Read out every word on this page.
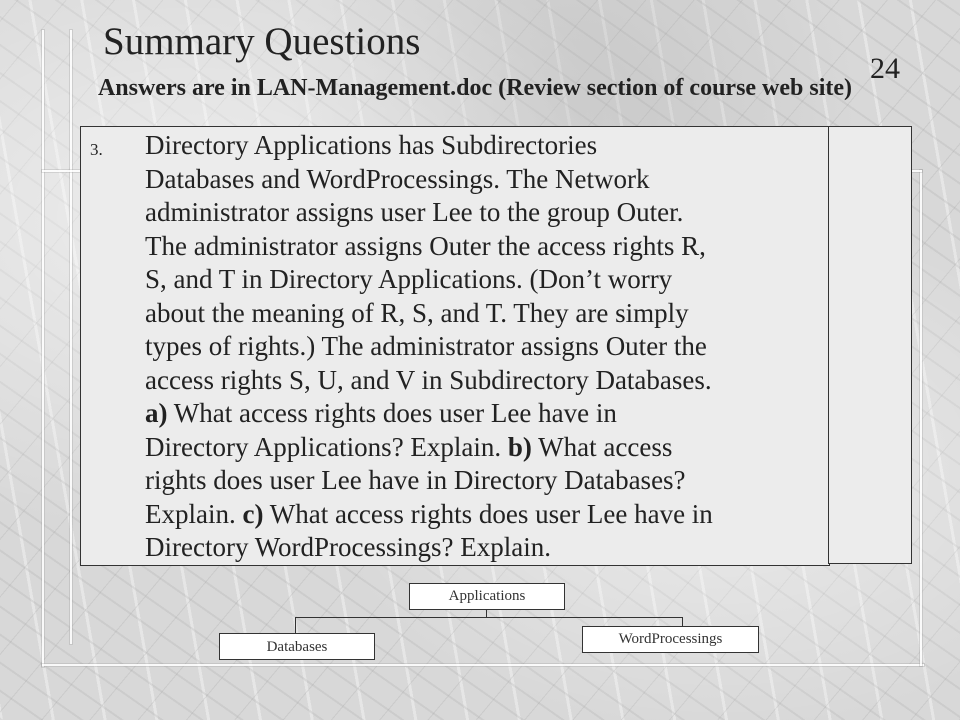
Summary Questions
24
Answers are in LAN-Management.doc (Review section of course web site)
3. Directory Applications has Subdirectories
Databases and WordProcessings. The Network
administrator assigns user Lee to the group Outer.
The administrator assigns Outer the access rights R,
S, and T in Directory Applications. (Don’t worry
about the meaning of R, S, and T. They are simply
types of rights.) The administrator assigns Outer the
access rights S, U, and V in Subdirectory Databases.
a) What access rights does user Lee have in
Directory Applications? Explain. b) What access
rights does user Lee have in Directory Databases?
Explain. c) What access rights does user Lee have in
Directory WordProcessings? Explain.
Applications
Databases	WordProcessings
